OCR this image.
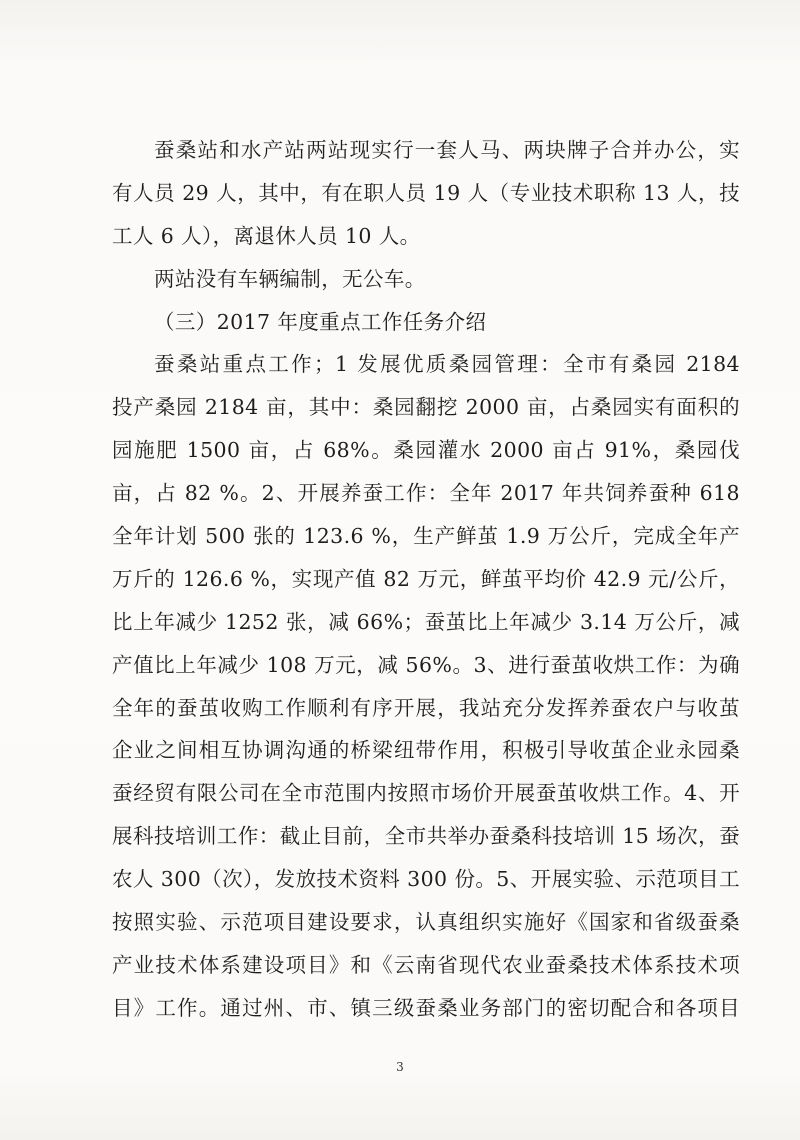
蚕桑站和水产站两站现实行一套人马、两块牌子合并办公，实
有人员 29 人，其中，有在职人员 19 人（专业技术职称 13 人，技
工人 6 人），离退休人员 10 人。
两站没有车辆编制，无公车。
（三）2017 年度重点工作任务介绍
蚕桑站重点工作；1 发展优质桑园管理：全市有桑园 2184
投产桑园 2184 亩，其中：桑园翻挖 2000 亩，占桑园实有面积的
园施肥 1500 亩，占 68%。桑园灌水 2000 亩占 91%，桑园伐
亩，占 82 %。2、开展养蚕工作：全年 2017 年共饲养蚕种 618
全年计划 500 张的 123.6 %，生产鲜茧 1.9 万公斤，完成全年产
万斤的 126.6 %，实现产值 82 万元，鲜茧平均价 42.9 元/公斤，
比上年减少 1252 张，减 66%；蚕茧比上年减少 3.14 万公斤，减
产值比上年减少 108 万元，减 56%。3、进行蚕茧收烘工作：为确
全年的蚕茧收购工作顺利有序开展，我站充分发挥养蚕农户与收茧
企业之间相互协调沟通的桥梁纽带作用，积极引导收茧企业永园桑
蚕经贸有限公司在全市范围内按照市场价开展蚕茧收烘工作。4、开
展科技培训工作：截止目前，全市共举办蚕桑科技培训 15 场次，蚕
农人 300（次），发放技术资料 300 份。5、开展实验、示范项目工
按照实验、示范项目建设要求，认真组织实施好《国家和省级蚕桑
产业技术体系建设项目》和《云南省现代农业蚕桑技术体系技术项
目》工作。通过州、市、镇三级蚕桑业务部门的密切配合和各项目
3
